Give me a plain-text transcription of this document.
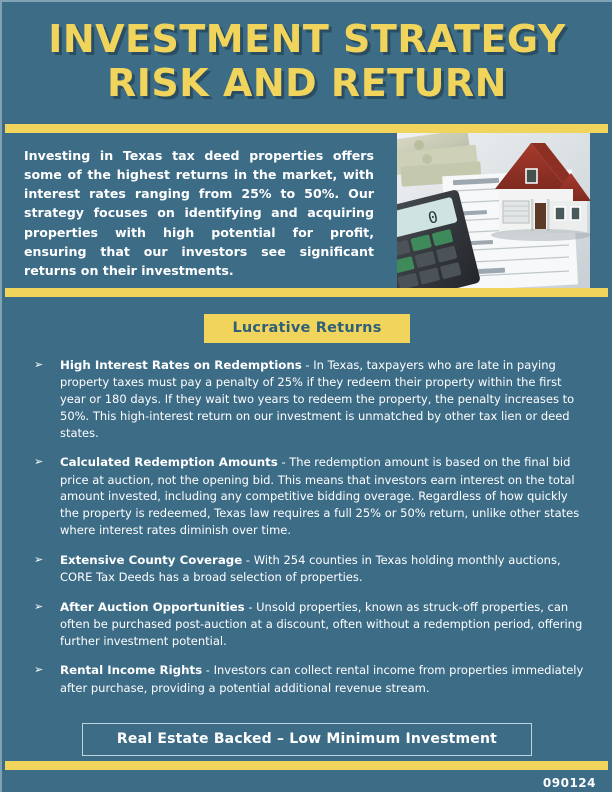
INVESTMENT STRATEGY
RISK AND RETURN
Investing in Texas tax deed properties offers some of the highest returns in the market, with interest rates ranging from 25% to 50%. Our strategy focuses on identifying and acquiring properties with high potential for profit, ensuring that our investors see significant returns on their investments.
0
Lucrative Returns
➢ High Interest Rates on Redemptions - In Texas, taxpayers who are late in paying property taxes must pay a penalty of 25% if they redeem their property within the first year or 180 days. If they wait two years to redeem the property, the penalty increases to 50%. This high-interest return on our investment is unmatched by other tax lien or deed states.
➢ Calculated Redemption Amounts - The redemption amount is based on the final bid price at auction, not the opening bid. This means that investors earn interest on the total amount invested, including any competitive bidding overage. Regardless of how quickly the property is redeemed, Texas law requires a full 25% or 50% return, unlike other states where interest rates diminish over time.
➢ Extensive County Coverage - With 254 counties in Texas holding monthly auctions, CORE Tax Deeds has a broad selection of properties.
➢ After Auction Opportunities - Unsold properties, known as struck-off properties, can often be purchased post-auction at a discount, often without a redemption period, offering further investment potential.
➢ Rental Income Rights - Investors can collect rental income from properties immediately after purchase, providing a potential additional revenue stream.
Real Estate Backed – Low Minimum Investment
090124
